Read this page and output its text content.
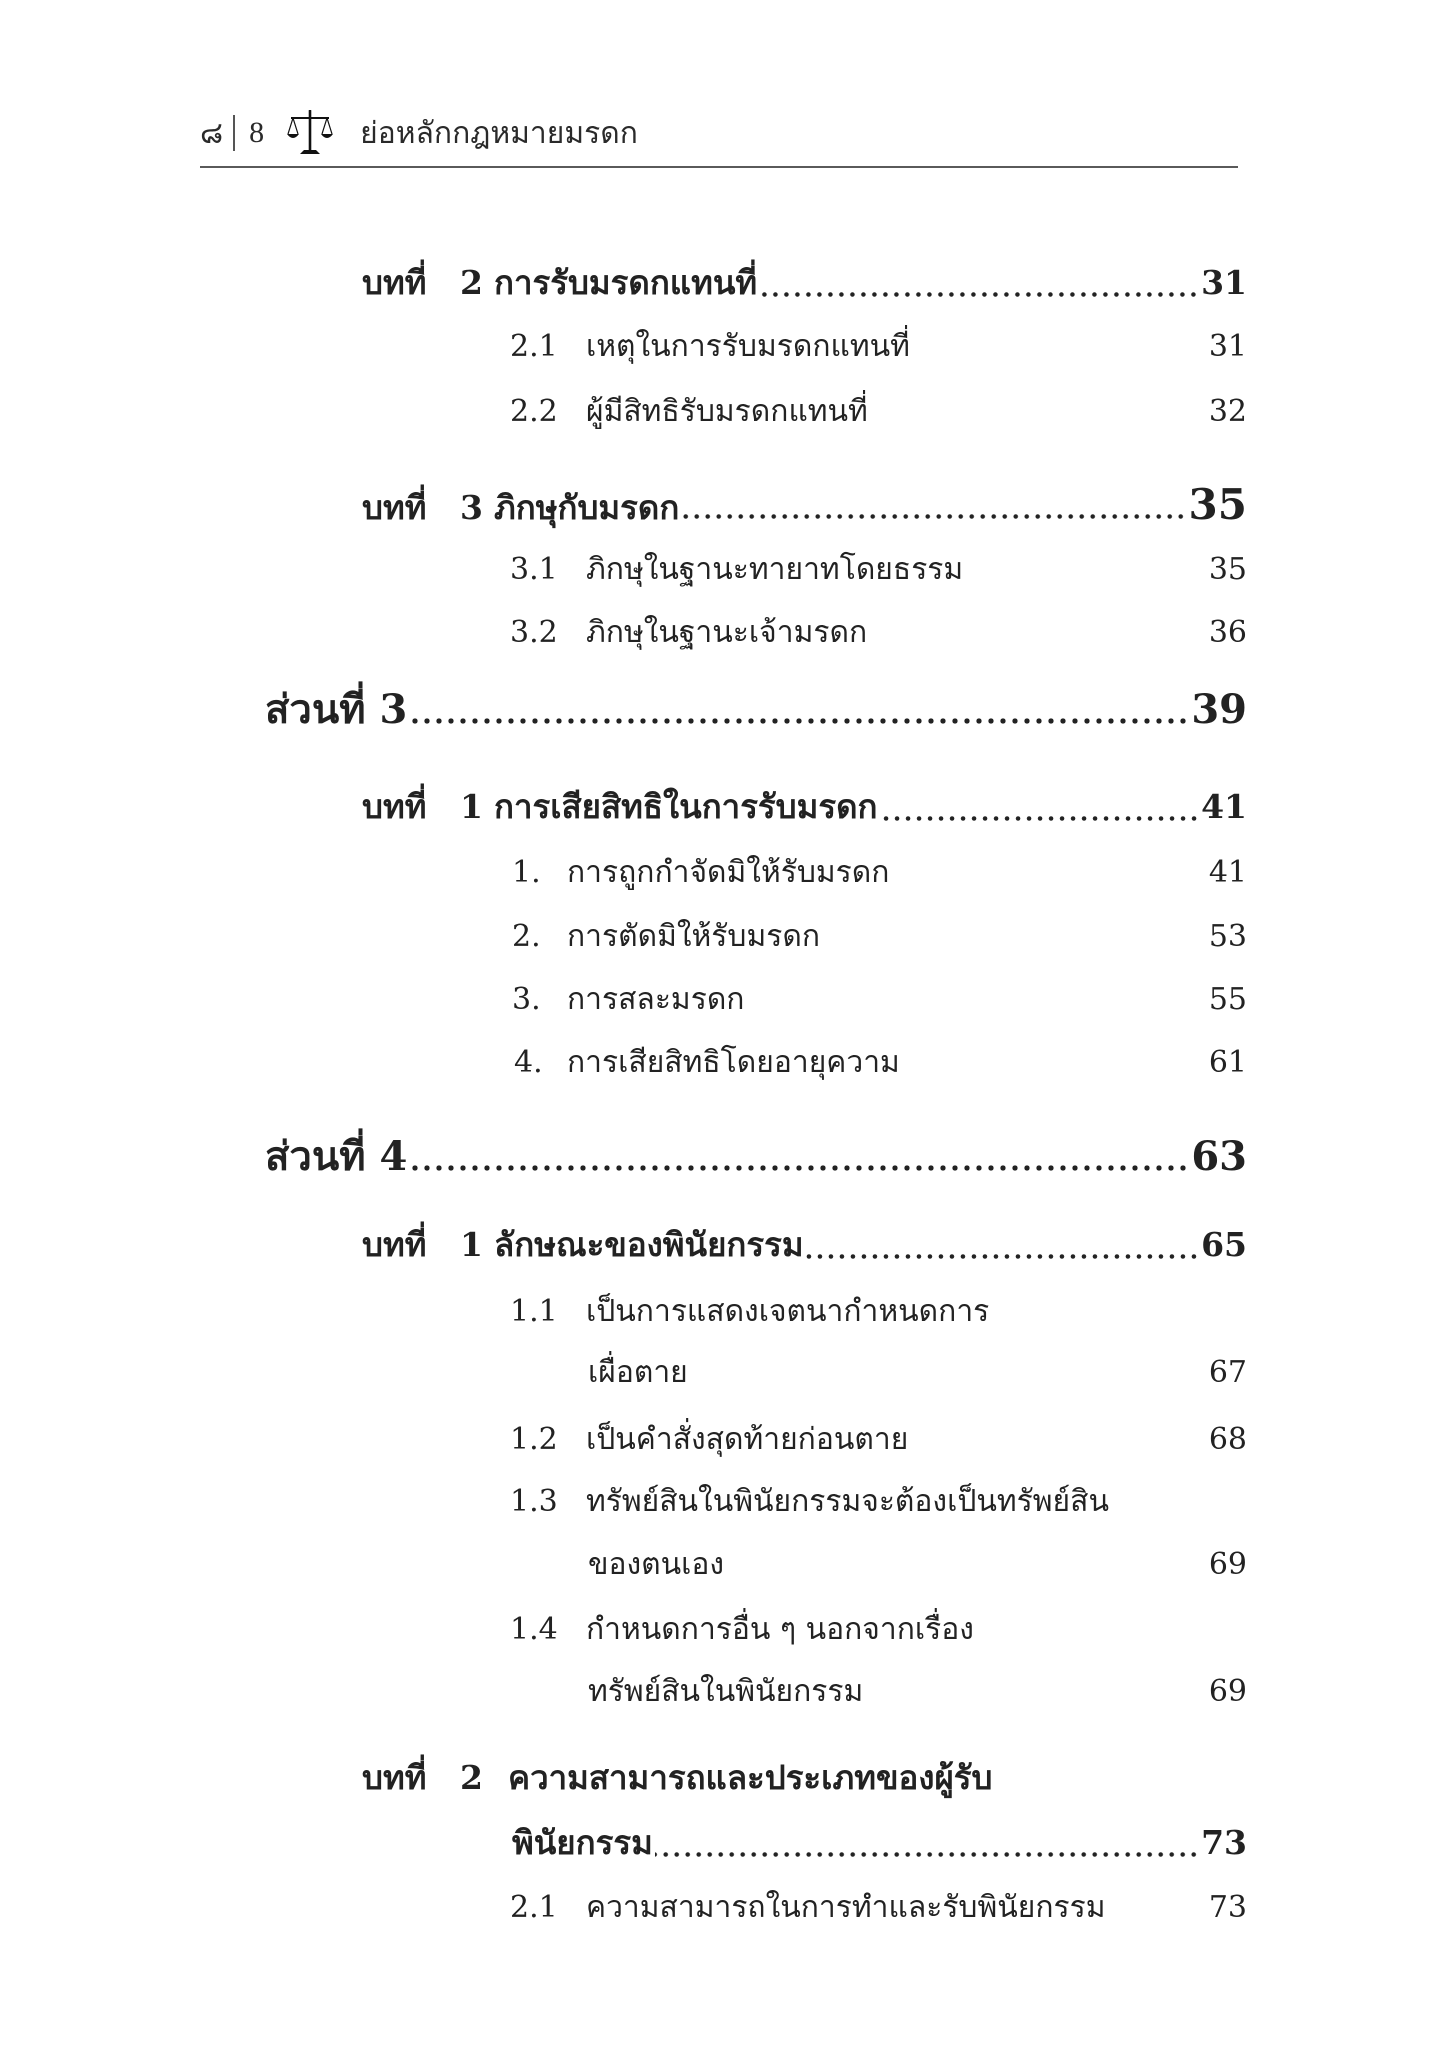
๘ 8	ย่อหลักกฎหมายมรดก
บทที่	2 การรับมรดกแทนที่	31
2.1 เหตุในการรับมรดกแทนที่	31
2.2 ผู้มีสิทธิรับมรดกแทนที่	32
บทที่	3 ภิกษุกับมรดก	35
3.1 ภิกษุในฐานะทายาทโดยธรรม	35
3.2 ภิกษุในฐานะเจ้ามรดก	36
ส่วนที่ 3	39
บทที่	1 การเสียสิทธิในการรับมรดก	41
1. การถูกกำจัดมิให้รับมรดก	41
2. การตัดมิให้รับมรดก	53
3. การสละมรดก	55
4. การเสียสิทธิโดยอายุความ	61
ส่วนที่ 4	63
บทที่	1 ลักษณะของพินัยกรรม	65
1.1 เป็นการแสดงเจตนากำหนดการ
เผื่อตาย	67
1.2 เป็นคำสั่งสุดท้ายก่อนตาย	68
1.3 ทรัพย์สินในพินัยกรรมจะต้องเป็นทรัพย์สิน
ของตนเอง	69
1.4 กำหนดการอื่น ๆ นอกจากเรื่อง
ทรัพย์สินในพินัยกรรม	69
บทที่	2 ความสามารถและประเภทของผู้รับ
พินัยกรรม	73
2.1 ความสามารถในการทำและรับพินัยกรรม	73
